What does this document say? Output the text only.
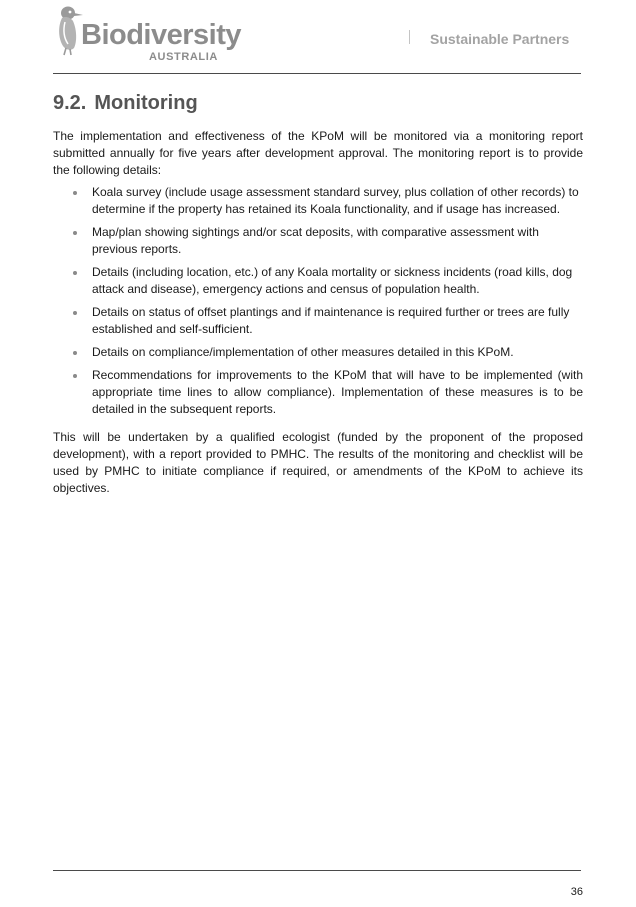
Biodiversity
AUSTRALIA
Sustainable Partners
9.2. Monitoring

The implementation and effectiveness of the KPoM will be monitored via a monitoring report submitted annually for five years after development approval. The monitoring report is to provide the following details:

Koala survey (include usage assessment standard survey, plus collation of other records) to determine if the property has retained its Koala functionality, and if usage has increased.
Map/plan showing sightings and/or scat deposits, with comparative assessment with previous reports.
Details (including location, etc.) of any Koala mortality or sickness incidents (road kills, dog attack and disease), emergency actions and census of population health.
Details on status of offset plantings and if maintenance is required further or trees are fully established and self-sufficient.
Details on compliance/implementation of other measures detailed in this KPoM.
Recommendations for improvements to the KPoM that will have to be implemented (with appropriate time lines to allow compliance). Implementation of these measures is to be detailed in the subsequent reports.

This will be undertaken by a qualified ecologist (funded by the proponent of the proposed development), with a report provided to PMHC. The results of the monitoring and checklist will be used by PMHC to initiate compliance if required, or amendments of the KPoM to achieve its objectives.

36
